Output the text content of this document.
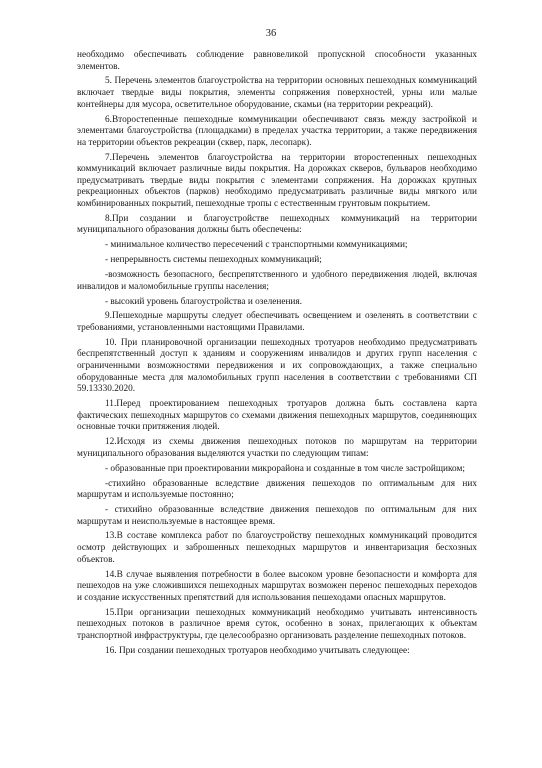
36

необходимо обеспечивать соблюдение равновеликой пропускной способности указанных элементов.

5. Перечень элементов благоустройства на территории основных пешеходных коммуникаций включает твердые виды покрытия, элементы сопряжения поверхностей, урны или малые контейнеры для мусора, осветительное оборудование, скамьи (на территории рекреаций).

6.Второстепенные пешеходные коммуникации обеспечивают связь между застройкой и элементами благоустройства (площадками) в пределах участка территории, а также передвижения на территории объектов рекреации (сквер, парк, лесопарк).

7.Перечень элементов благоустройства на территории второстепенных пешеходных коммуникаций включает различные виды покрытия. На дорожках скверов, бульваров необходимо предусматривать твердые виды покрытия с элементами сопряжения. На дорожках крупных рекреационных объектов (парков) необходимо предусматривать различные виды мягкого или комбинированных покрытий, пешеходные тропы с естественным грунтовым покрытием.

8.При создании и благоустройстве пешеходных коммуникаций на территории муниципального образования должны быть обеспечены:

- минимальное количество пересечений с транспортными коммуникациями;

- непрерывность системы пешеходных коммуникаций;

-возможность безопасного, беспрепятственного и удобного передвижения людей, включая инвалидов и маломобильные группы населения;

- высокий уровень благоустройства и озеленения.

9.Пешеходные маршруты следует обеспечивать освещением и озеленять в соответствии с требованиями, установленными настоящими Правилами.

10. При планировочной организации пешеходных тротуаров необходимо предусматривать беспрепятственный доступ к зданиям и сооружениям инвалидов и других групп населения с ограниченными возможностями передвижения и их сопровождающих, а также специально оборудованные места для маломобильных групп населения в соответствии с требованиями СП 59.13330.2020.

11.Перед проектированием пешеходных тротуаров должна быть составлена карта фактических пешеходных маршрутов со схемами движения пешеходных маршрутов, соединяющих основные точки притяжения людей.

12.Исходя из схемы движения пешеходных потоков по маршрутам на территории муниципального образования выделяются участки по следующим типам:

- образованные при проектировании микрорайона и созданные в том числе застройщиком;

-стихийно образованные вследствие движения пешеходов по оптимальным для них маршрутам и используемые постоянно;

- стихийно образованные вследствие движения пешеходов по оптимальным для них маршрутам и неиспользуемые в настоящее время.

13.В составе комплекса работ по благоустройству пешеходных коммуникаций проводится осмотр действующих и заброшенных пешеходных маршрутов и инвентаризация бесхозных объектов.

14.В случае выявления потребности в более высоком уровне безопасности и комфорта для пешеходов на уже сложившихся пешеходных маршрутах возможен перенос пешеходных переходов и создание искусственных препятствий для использования пешеходами опасных маршрутов.

15.При организации пешеходных коммуникаций необходимо учитывать интенсивность пешеходных потоков в различное время суток, особенно в зонах, прилегающих к объектам транспортной инфраструктуры, где целесообразно организовать разделение пешеходных потоков.

16. При создании пешеходных тротуаров необходимо учитывать следующее:
